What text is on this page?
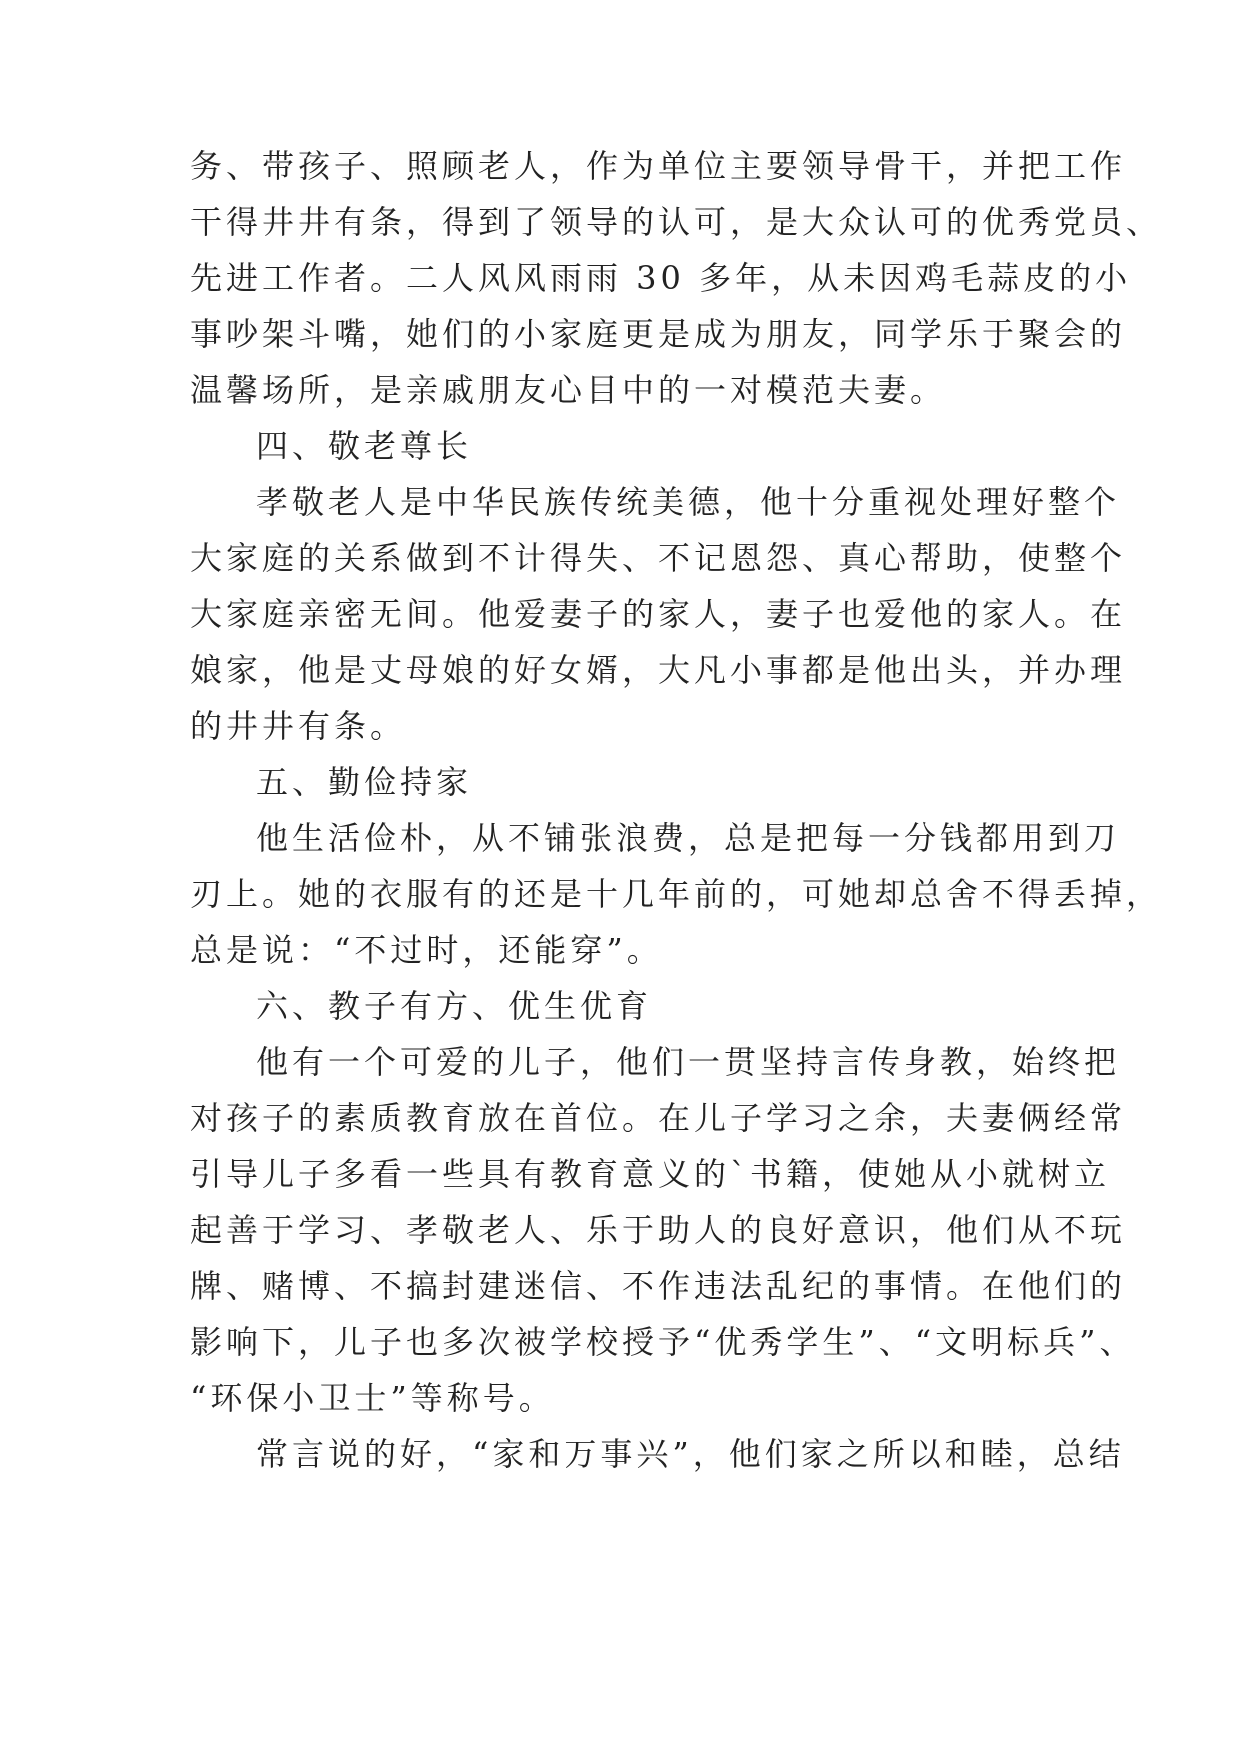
务、带孩子、照顾老人，作为单位主要领导骨干，并把工作
干得井井有条，得到了领导的认可，是大众认可的优秀党员、
先进工作者。二人风风雨雨 30 多年，从未因鸡毛蒜皮的小
事吵架斗嘴，她们的小家庭更是成为朋友，同学乐于聚会的
温馨场所，是亲戚朋友心目中的一对模范夫妻。
四、敬老尊长
孝敬老人是中华民族传统美德，他十分重视处理好整个
大家庭的关系做到不计得失、不记恩怨、真心帮助，使整个
大家庭亲密无间。他爱妻子的家人，妻子也爱他的家人。在
娘家，他是丈母娘的好女婿，大凡小事都是他出头，并办理
的井井有条。
五、勤俭持家
他生活俭朴，从不铺张浪费，总是把每一分钱都用到刀
刃上。她的衣服有的还是十几年前的，可她却总舍不得丢掉，
总是说：“不过时，还能穿”。
六、教子有方、优生优育
他有一个可爱的儿子，他们一贯坚持言传身教，始终把
对孩子的素质教育放在首位。在儿子学习之余，夫妻俩经常
引导儿子多看一些具有教育意义的`书籍，使她从小就树立
起善于学习、孝敬老人、乐于助人的良好意识，他们从不玩
牌、赌博、不搞封建迷信、不作违法乱纪的事情。在他们的
影响下，儿子也多次被学校授予“优秀学生”、“文明标兵”、
“环保小卫士”等称号。
常言说的好，“家和万事兴”，他们家之所以和睦，总结
